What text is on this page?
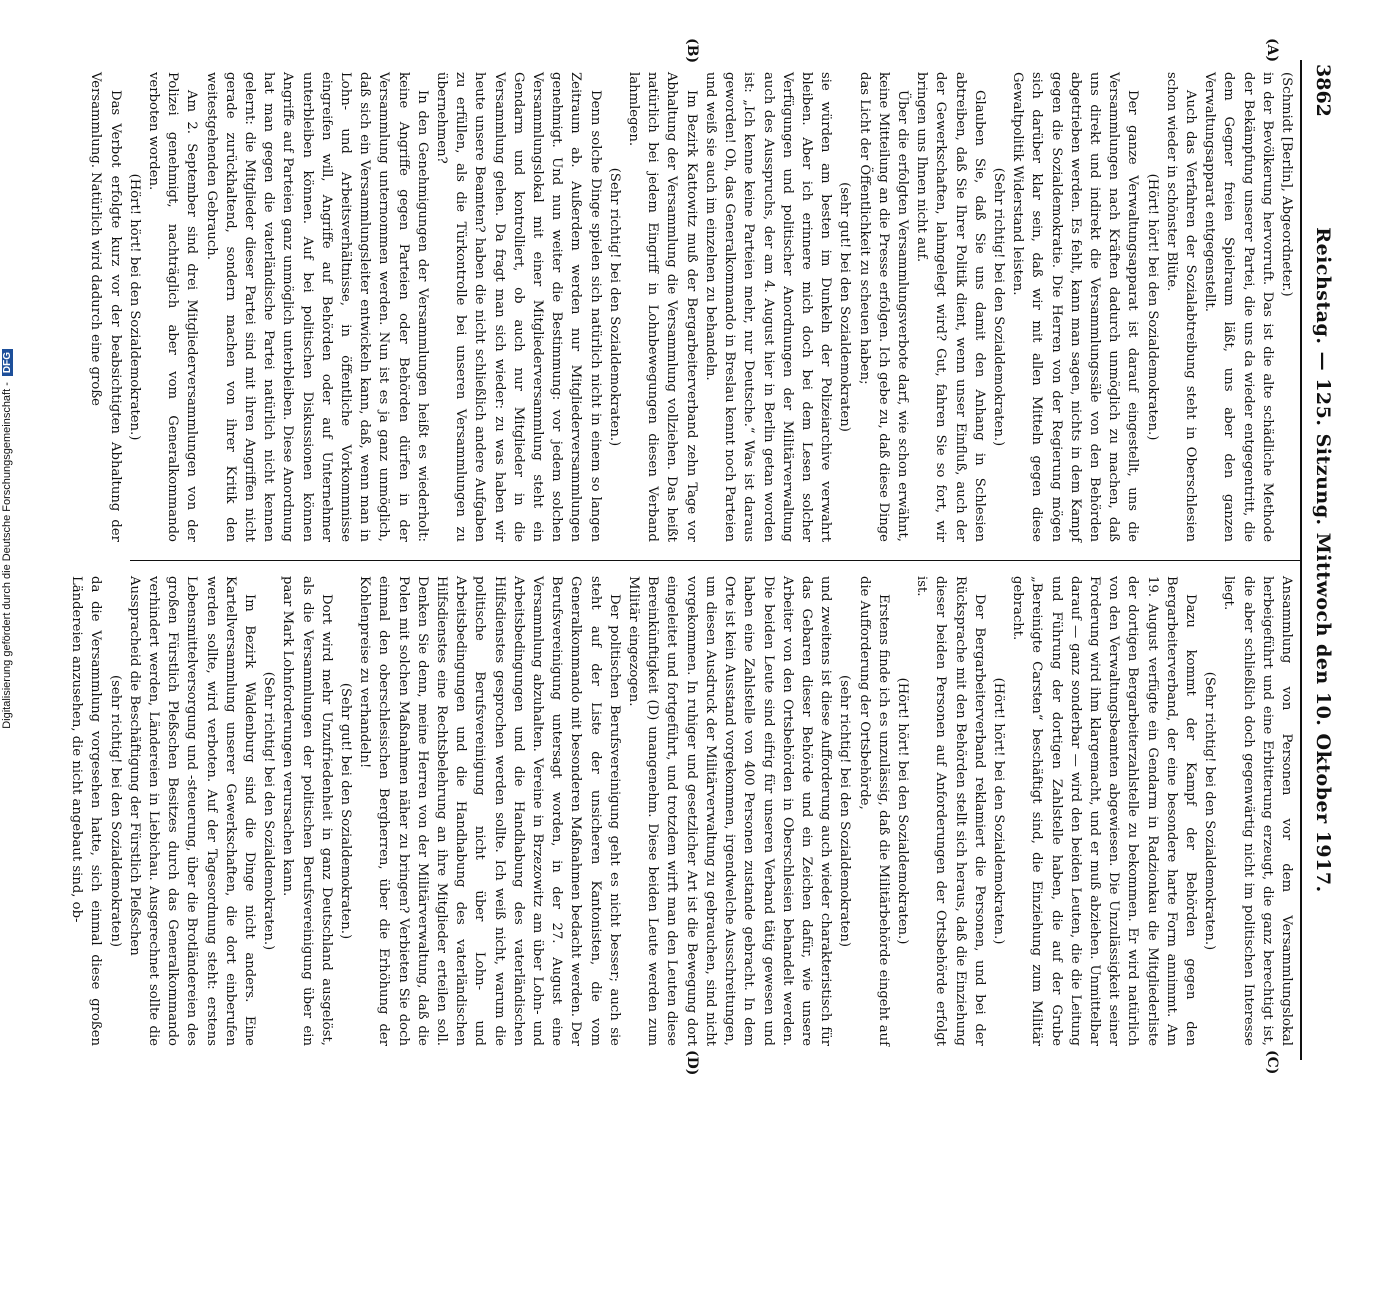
3862
Reichstag. — 125. Sitzung. Mittwoch den 10. Oktober 1917.
(A)
(B)
(C)
(D)

(Schmidt [Berlin], Abgeordneter.)

in der Bevölkerung hervorruft. Das ist die alte schädliche Methode der Bekämpfung unserer Partei, die uns da wieder entgegentritt, die dem Gegner freien Spielraum läßt, uns aber den ganzen Verwaltungsapparat entgegenstellt.

Auch das Verfahren der Sozialabtreibung steht in Oberschlesien schon wieder in schönster Blüte.

(Hört! hört! bei den Sozialdemokraten.)

Der ganze Verwaltungsapparat ist darauf eingestellt, uns die Versammlungen nach Kräften dadurch unmöglich zu machen, daß uns direkt und indirekt die Versammlungssäle von den Behörden abgetrieben werden. Es fehlt, kann man sagen, nichts in dem Kampf gegen die Sozialdemokratie. Die Herren von der Regierung mögen sich darüber klar sein, daß wir mit allen Mitteln gegen diese Gewaltpolitik Widerstand leisten.

(Sehr richtig! bei den Sozialdemokraten.)

Glauben Sie, daß Sie uns damit den Anhang in Schlesien abtreiben, daß Sie Ihrer Politik dient, wenn unser Einfluß, auch der der Gewerkschaften, lahmgelegt wird? Gut, fahren Sie so fort, wir bringen uns Ihnen nicht auf.

Über die erfolgten Versammlungsverbote darf, wie schon erwähnt, keine Mitteilung an die Presse erfolgen. Ich gebe zu, daß diese Dinge das Licht der Öffentlichkeit zu scheuen haben;

(sehr gut! bei den Sozialdemokraten)

sie würden am besten im Dunkeln der Polizeiarchive verwahrt bleiben. Aber ich erinnere mich doch bei dem Lesen solcher Verfügungen und politischer Anordnungen der Militärverwaltung auch des Ausspruchs, der am 4. August hier in Berlin getan worden ist: „Ich kenne keine Parteien mehr, nur Deutsche.“ Was ist daraus geworden! Oh, das Generalkommando in Breslau kennt noch Parteien und weiß sie auch im einzelnen zu behandeln.

Im Bezirk Kattowitz muß der Bergarbeiterverband zehn Tage vor Abhaltung der Versammlung die Versammlung vollziehen. Das heißt natürlich bei jedem Eingriff in Lohnbewegungen diesen Verband lahmlegen.

(Sehr richtig! bei den Sozialdemokraten.)

Denn solche Dinge spielen sich natürlich nicht in einem so langen Zeitraum ab. Außerdem werden nur Mitgliederversammlungen genehmigt. Und nun weiter die Bestimmung: vor jedem solchen Versammlungslokal mit einer Mitgliederversammlung steht ein Gendarm und kontrolliert, ob auch nur Mitglieder in die Versammlung gehen. Da fragt man sich wieder: zu was haben wir heute unsere Beamten? haben die nicht schließlich andere Aufgaben zu erfüllen, als die Türkontrolle bei unseren Versammlungen zu übernehmen?

In den Genehmigungen der Versammlungen heißt es wiederholt: keine Angriffe gegen Parteien oder Behörden dürfen in der Versammlung unternommen werden. Nun ist es ja ganz unmöglich, daß sich ein Versammlungsleiter entwickeln kann, daß, wenn man in Lohn- und Arbeitsverhältnisse, in öffentliche Vorkommnisse eingreifen will, Angriffe auf Behörden oder auf Unternehmer unterbleiben können. Auf bei politischen Diskussionen können Angriffe auf Parteien ganz unmöglich unterbleiben. Diese Anordnung hat man gegen die vaterländische Partei natürlich nicht kennen gelernt: die Mitglieder dieser Partei sind mit ihren Angriffen nicht gerade zurückhaltend, sondern machen von ihrer Kritik den weitestgehenden Gebrauch.

Am 2. September sind drei Mitgliederversammlungen von der Polizei genehmigt, nachträglich aber vom Generalkommando verboten worden.

(Hört! hört! bei den Sozialdemokraten.)

Das Verbot erfolgte kurz vor der beabsichtigten Abhaltung der Versammlung. Natürlich wird dadurch eine große

Ansammlung von Personen vor dem Versammlungslokal herbeigeführt und eine Erbitterung erzeugt, die ganz berechtigt ist, die aber schließlich doch gegenwärtig nicht im politischen Interesse liegt.

(Sehr richtig! bei den Sozialdemokraten.)

Dazu kommt der Kampf der Behörden gegen den Bergarbeiterverband, der eine besondere harte Form annimmt. Am 19. August verfügte ein Gendarm in Radzionkau die Mitgliederliste der dortigen Bergarbeiterzahlstelle zu bekommen. Er wird natürlich von den Verwaltungsbeamten abgewiesen. Die Unzulässigkeit seiner Forderung wird ihm klargemacht, und er muß abziehen. Unmittelbar darauf — ganz sonderbar — wird den beiden Leuten, die die Leitung und Führung der dortigen Zahlstelle haben, die auf der Grube „Bereinigte Carsten“ beschäftigt sind, die Einziehung zum Militär gebracht.

(Hört! hört! bei den Sozialdemokraten.)

Der Bergarbeiterverband reklamiert die Personen, und bei der Rücksprache mit den Behörden stellt sich heraus, daß die Einziehung dieser beiden Personen auf Anforderungen der Ortsbehörde erfolgt ist.

(Hört! hört! bei den Sozialdemokraten.)

Erstens finde ich es unzulässig, daß die Militärbehörde eingeht auf die Aufforderung der Ortsbehörde,

(sehr richtig! bei den Sozialdemokraten)

und zweitens ist diese Aufforderung auch wieder charakteristisch für das Gebaren dieser Behörde und ein Zeichen dafür, wie unsere Arbeiter von den Ortsbehörden in Oberschlesien behandelt werden. Die beiden Leute sind eifrig für unseren Verband tätig gewesen und haben eine Zahlstelle von 400 Personen zustande gebracht. In dem Orte ist kein Ausstand vorgekommen, irgendwelche Ausschreitungen, um diesen Ausdruck der Militärverwaltung zu gebrauchen, sind nicht vorgekommen. In ruhiger und gesetzlicher Art ist die Bewegung dort eingeleitet und fortgeführt, und trotzdem wirft man den Leuten diese Bereinkünftigkeit (D) unangenehm. Diese beiden Leute werden zum Militär eingezogen.

Der politischen Berufsvereinigung geht es nicht besser; auch sie steht auf der Liste der unsicheren Kantonisten, die vom Generalkommando mit besonderen Maßnahmen bedacht werden. Der Berufsvereinigung untersagt worden, in der 27. August eine Versammlung abzuhalten. Vereine in Brzezowitz am über Lohn- und Arbeitsbedingungen und die Handhabung des vaterländischen Hilfsdienstes gesprochen werden sollte. Ich weiß nicht, warum die politische Berufsvereinigung nicht über Lohn- und Arbeitsbedingungen und die Handhabung des vaterländischen Hilfsdienstes eine Rechtsbelehrung an ihre Mitglieder erteilen soll. Denken Sie denn, meine Herren von der Militärverwaltung, daß die Polen mit solchen Maßnahmen näher zu bringen? Verbieten Sie doch einmal den oberschlesischen Bergherren, über die Erhöhung der Kohlenpreise zu verhandeln!

(Sehr gut! bei den Sozialdemokraten.)

Dort wird mehr Unzufriedenheit in ganz Deutschland ausgelöst, als die Versammlungen der politischen Berufsvereinigung über ein paar Mark Lohnforderungen verursachen kann.

(Sehr richtig! bei den Sozialdemokraten.)

Im Bezirk Waldenburg sind die Dinge nicht anders. Eine Kartellversammlung unserer Gewerkschaften, die dort einberufen werden sollte, wird verboten. Auf der Tagesordnung steht: erstens Lebensmittelversorgung und -steuerung, über die Brotländereien des großen Fürstlich Pleßschen Besitzes durch das Generalkommando verhindert werden, Ländereien in Liebichau. Ausgerechnet sollte die Ausspracheid die Beschäftigung der Fürstlich Pleßschen

(sehr richtig! bei den Sozialdemokraten)

da die Versammlung vorgesehen hatte, sich einmal diese großen Ländereien anzusehen, die nicht angebaut sind, ob-

Digitalisierung gefördert durch die Deutsche Forschungsgemeinschaft -DFG
